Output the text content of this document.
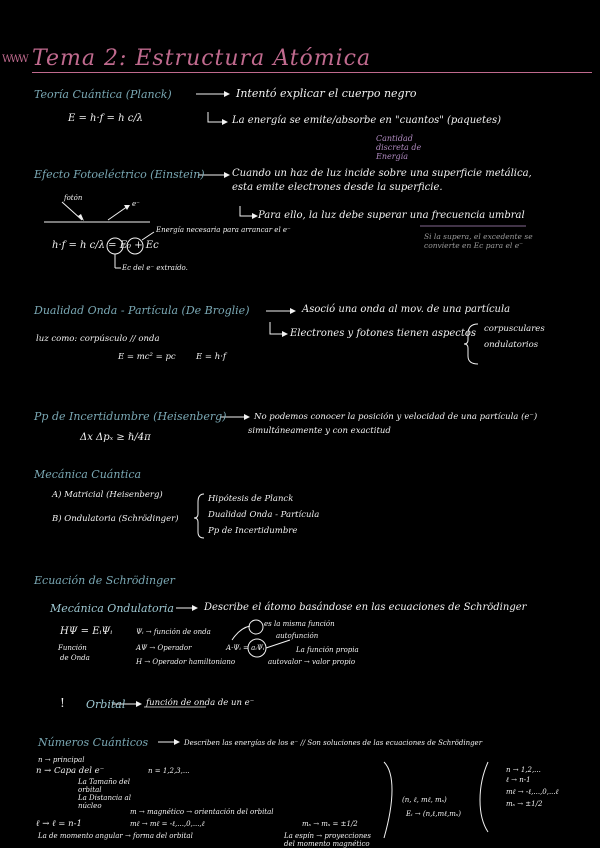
WWW Tema 2: Estructura Atómica
Teoría Cuántica (Planck)	Intentó explicar el cuerpo negro
E = h·f = h c/λ	La energía se emite/absorbe en "cuantos" (paquetes)
Cantidad discreta de Energía
Efecto Fotoeléctrico (Einstein)	Cuando un haz de luz incide sobre una superficie metálica,
esta emite electrones desde la superficie.
fotón
e⁻
Para ello, la luz debe superar una frecuencia umbral
h·f = h c/λ = E₀ + Ec
Energía necesaria para arrancar el e⁻
Ec del e⁻ extraído.
Si la supera, el excedente se convierte en Ec para el e⁻
Dualidad Onda - Partícula (De Broglie)	Asoció una onda al mov. de una partícula
Electrones y fotones tienen aspectos corpusculares
ondulatorios
luz como: corpúsculo // onda
E = mc² = pc E = h·f
Pp de Incertidumbre (Heisenberg)
Δx Δpₓ ≥ ℏ/4π
No podemos conocer la posición y velocidad de una partícula (e⁻)
simultáneamente y con exactitud
Mecánica Cuántica
A) Matricial (Heisenberg)
B) Ondulatoria (Schrödinger)
Hipótesis de Planck
Dualidad Onda - Partícula
Pp de Incertidumbre
Ecuación de Schrödinger
Mecánica Ondulatoria	Describe el átomo basándose en las ecuaciones de Schrödinger
HΨ = EᵢΨᵢ
Función
de Onda
Ψᵢ → función de onda
AΨ → Operador
H → Operador hamiltoniano
A·Ψᵢ = aᵢΨᵢ
es la misma función
autofunción
La función propia
autovalor → valor propio
! Orbital función de onda de un e⁻
Números Cuánticos	Describen las energías de los e⁻ // Son soluciones de las ecuaciones de Schrödinger
n → principal
n → Capa del e⁻	n = 1,2,3,...
La Tamaño del orbital
La Distancia al núcleo
m → magnético → orientación del orbital
ℓ → ℓ = n-1	mℓ → mℓ = -ℓ,...,0,...,ℓ	mₛ → mₛ = ±1/2
La de momento angular → forma del orbital	La espín → proyecciones del momento magnético
(n, ℓ, mℓ, mₛ)
Eᵢ → (n,ℓ,mℓ,mₛ)
n → 1,2,...
ℓ → n-1
mℓ → -ℓ,...,0,...ℓ
mₛ → ±1/2
